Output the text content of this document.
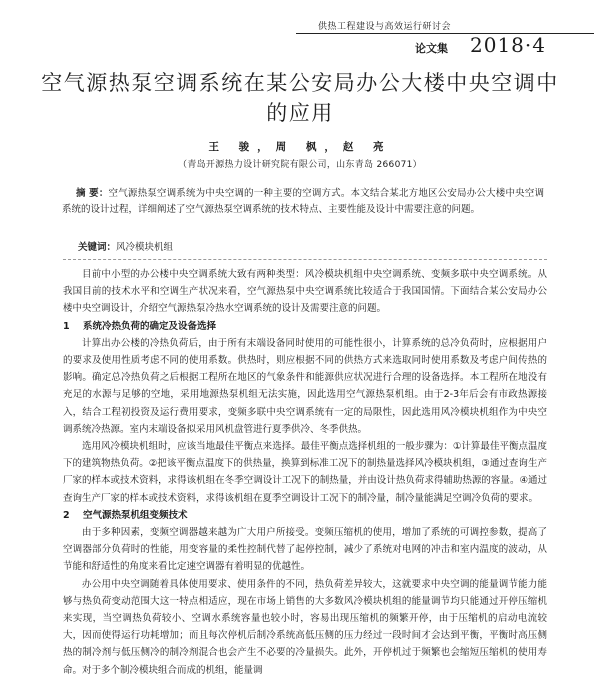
供热工程建设与高效运行研讨会
论文集 2018·4
空气源热泵空调系统在某公安局办公大楼中央空调中的应用
王 骏，周 枫，赵 亮
（青岛开源热力设计研究院有限公司，山东青岛 266071）
摘 要：空气源热泵空调系统为中央空调的一种主要的空调方式。本文结合某北方地区公安局办公大楼中央空调系统的设计过程，详细阐述了空气源热泵空调系统的技术特点、主要性能及设计中需要注意的问题。
关键词：风冷模块机组

目前中小型的办公楼中央空调系统大致有两种类型：风冷模块机组中央空调系统、变频多联中央空调系统。从我国目前的技术水平和空调生产状况来看，空气源热泵中央空调系统比较适合于我国国情。下面结合某公安局办公楼中央空调设计，介绍空气源热泵冷热水空调系统的设计及需要注意的问题。

1 系统冷热负荷的确定及设备选择

计算出办公楼的冷热负荷后，由于所有末端设备同时使用的可能性很小，计算系统的总冷负荷时，应根据用户的要求及使用性质考虑不同的使用系数。供热时，则应根据不同的供热方式来选取同时使用系数及考虑户间传热的影响。确定总冷热负荷之后根据工程所在地区的气象条件和能源供应状况进行合理的设备选择。本工程所在地没有充足的水源与足够的空地，采用地源热泵机组无法实施，因此选用空气源热泵机组。由于2-3年后会有市政热源接入，结合工程初投资及运行费用要求，变频多联中央空调系统有一定的局限性，因此选用风冷模块机组作为中央空调系统冷热源。室内末端设备拟采用风机盘管进行夏季供冷、冬季供热。

选用风冷模块机组时，应该当地最佳平衡点来选择。最佳平衡点选择机组的一般步骤为：①计算最佳平衡点温度下的建筑物热负荷。②把该平衡点温度下的供热量，换算到标准工况下的制热量选择风冷模块机组，③通过查询生产厂家的样本或技术资料，求得该机组在冬季空调设计工况下的制热量，并由设计热负荷求得辅助热源的容量。④通过查询生产厂家的样本或技术资料，求得该机组在夏季空调设计工况下的制冷量，制冷量能满足空调冷负荷的要求。

2 空气源热泵机组变频技术

由于多种因素，变频空调器越来越为广大用户所接受。变频压缩机的使用，增加了系统的可调控参数，提高了空调器部分负荷时的性能，用变容量的柔性控制代替了起停控制，减少了系统对电网的冲击和室内温度的波动，从节能和舒适性的角度来看比定速空调器有着明显的优越性。

办公用中央空调随着具体使用要求、使用条件的不同，热负荷差异较大，这就要求中央空调的能量调节能力能够与热负荷变动范围大这一特点相适应，现在市场上销售的大多数风冷模块机组的能量调节均只能通过开停压缩机来实现，当空调热负荷较小、空调水系统容量也较小时，容易出现压缩机的频繁开停，由于压缩机的启动电流较大，因而使得运行功耗增加；而且每次停机后制冷系统高低压侧的压力经过一段时间才会达到平衡，平衡时高压侧热的制冷剂与低压侧冷的制冷剂混合也会产生不必要的冷量损失。此外，开停机过于频繁也会缩短压缩机的使用寿命。对于多个制冷模块组合而成的机组，能量调
